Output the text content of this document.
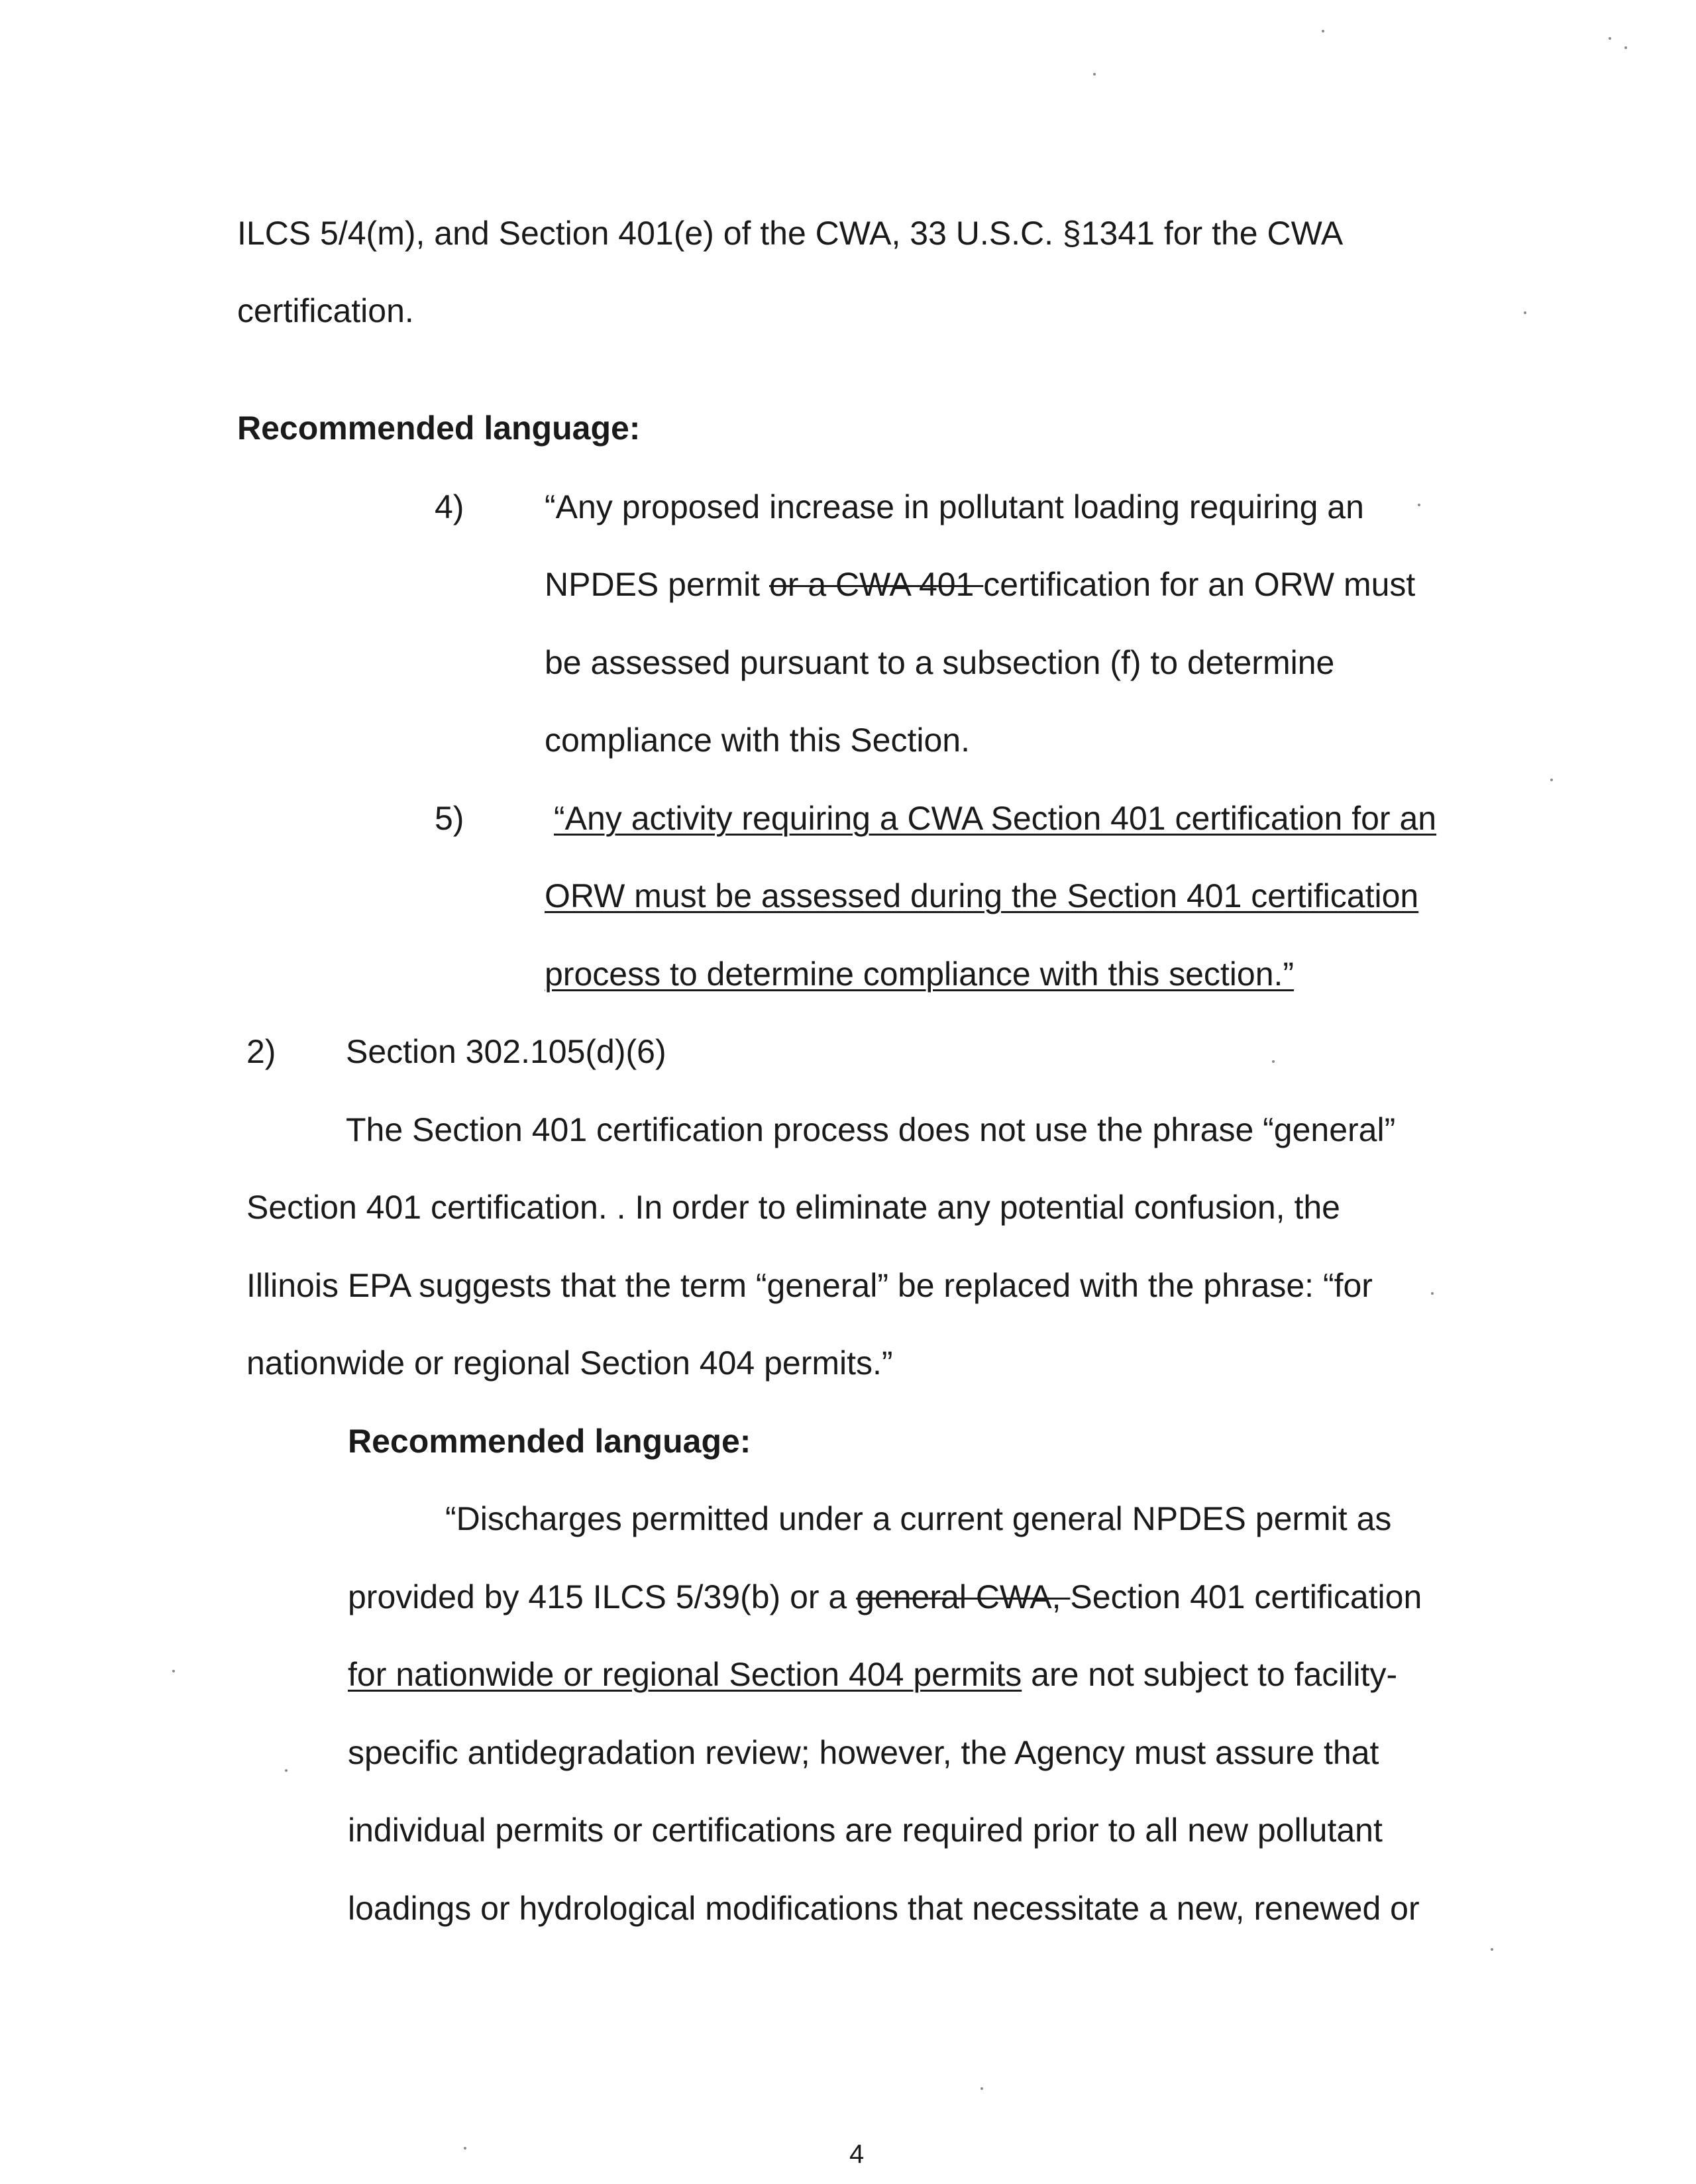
ILCS 5/4(m), and Section 401(e) of the CWA, 33 U.S.C. §1341 for the CWA
certification.
Recommended language:
4) “Any proposed increase in pollutant loading requiring an
NPDES permit or a CWA 401 certification for an ORW must
be assessed pursuant to a subsection (f) to determine
compliance with this Section.
5)	“Any activity requiring a CWA Section 401 certification for an
ORW must be assessed during the Section 401 certification
process to determine compliance with this section.”
2) Section 302.105(d)(6)
The Section 401 certification process does not use the phrase “general”
Section 401 certification. . In order to eliminate any potential confusion, the
Illinois EPA suggests that the term “general” be replaced with the phrase: “for
nationwide or regional Section 404 permits.”
Recommended language:
“Discharges permitted under a current general NPDES permit as
provided by 415 ILCS 5/39(b) or a general CWA, Section 401 certification
for nationwide or regional Section 404 permits are not subject to facility-
specific antidegradation review; however, the Agency must assure that
individual permits or certifications are required prior to all new pollutant
loadings or hydrological modifications that necessitate a new, renewed or
4
